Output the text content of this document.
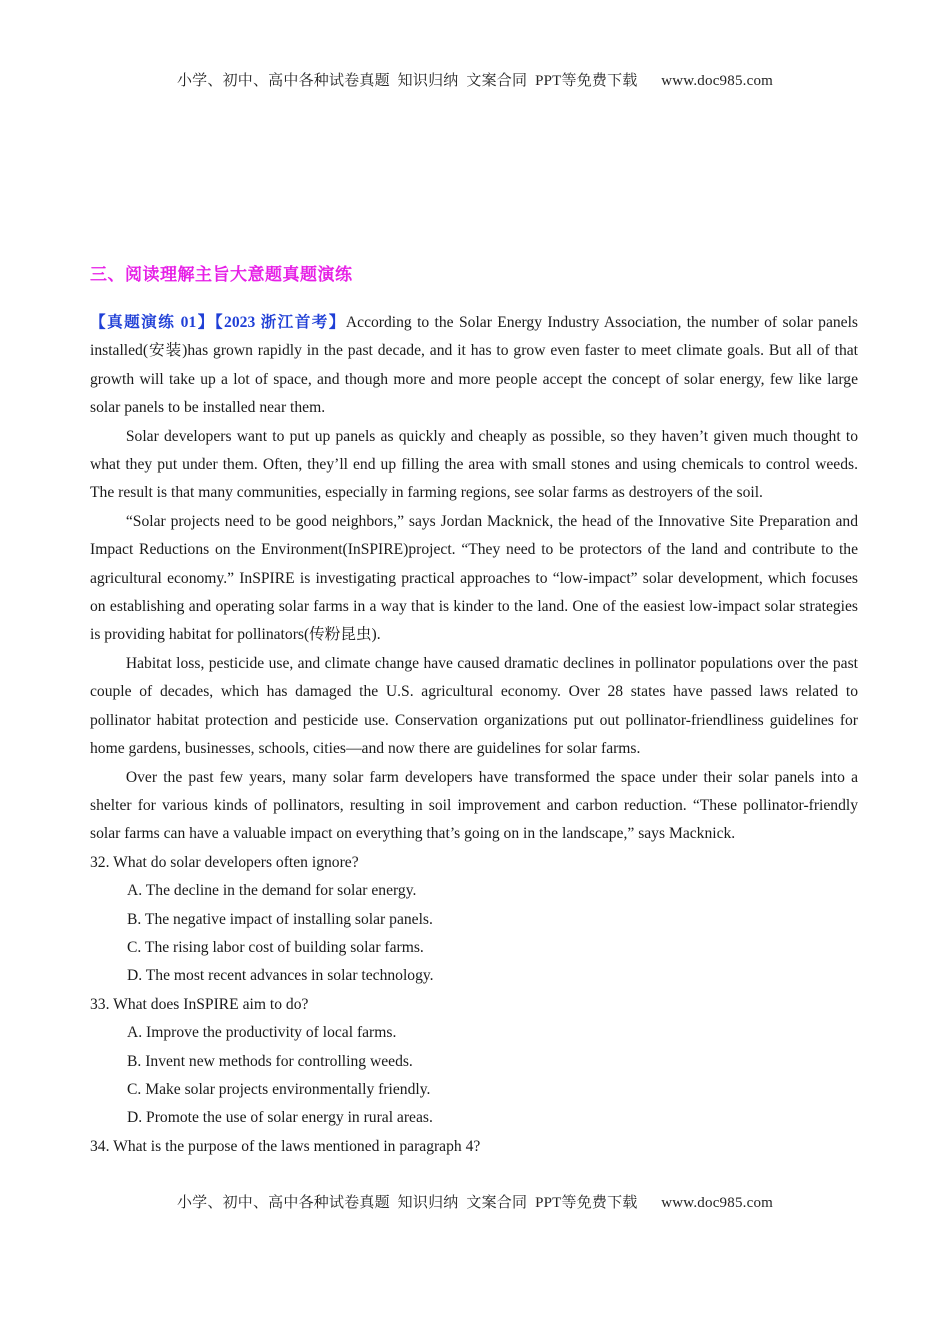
小学、初中、高中各种试卷真题  知识归纳  文案合同  PPT等免费下载      www.doc985.com
三、阅读理解主旨大意题真题演练

【真题演练 01】【2023 浙江首考】According to the Solar Energy Industry Association, the number of solar panels installed(安装)has grown rapidly in the past decade, and it has to grow even faster to meet climate goals. But all of that growth will take up a lot of space, and though more and more people accept the concept of solar energy, few like large solar panels to be installed near them.

Solar developers want to put up panels as quickly and cheaply as possible, so they haven’t given much thought to what they put under them. Often, they’ll end up filling the area with small stones and using chemicals to control weeds. The result is that many communities, especially in farming regions, see solar farms as destroyers of the soil.

“Solar projects need to be good neighbors,” says Jordan Macknick, the head of the Innovative Site Preparation and Impact Reductions on the Environment(InSPIRE)project. “They need to be protectors of the land and contribute to the agricultural economy.” InSPIRE is investigating practical approaches to “low-impact” solar development, which focuses on establishing and operating solar farms in a way that is kinder to the land. One of the easiest low-impact solar strategies is providing habitat for pollinators(传粉昆虫).

Habitat loss, pesticide use, and climate change have caused dramatic declines in pollinator populations over the past couple of decades, which has damaged the U.S. agricultural economy. Over 28 states have passed laws related to pollinator habitat protection and pesticide use. Conservation organizations put out pollinator-friendliness guidelines for home gardens, businesses, schools, cities—and now there are guidelines for solar farms.

Over the past few years, many solar farm developers have transformed the space under their solar panels into a shelter for various kinds of pollinators, resulting in soil improvement and carbon reduction. “These pollinator-friendly solar farms can have a valuable impact on everything that’s going on in the landscape,” says Macknick.

32. What do solar developers often ignore?

A. The decline in the demand for solar energy.

B. The negative impact of installing solar panels.

C. The rising labor cost of building solar farms.

D. The most recent advances in solar technology.

33. What does InSPIRE aim to do?

A. Improve the productivity of local farms.

B. Invent new methods for controlling weeds.

C. Make solar projects environmentally friendly.

D. Promote the use of solar energy in rural areas.

34. What is the purpose of the laws mentioned in paragraph 4?

小学、初中、高中各种试卷真题  知识归纳  文案合同  PPT等免费下载      www.doc985.com
